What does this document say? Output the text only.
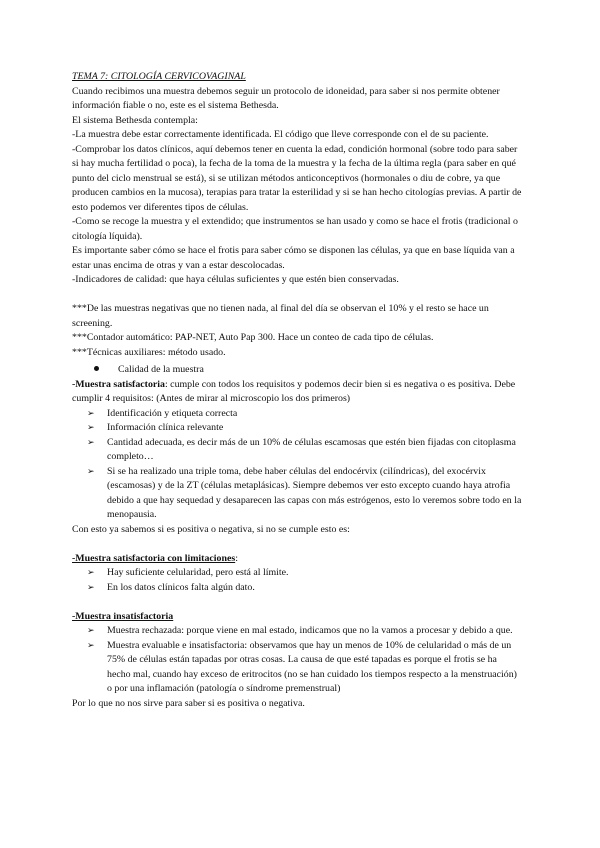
TEMA 7: CITOLOGÍA CERVICOVAGINAL

Cuando recibimos una muestra debemos seguir un protocolo de idoneidad, para saber si nos permite obtener información fiable o no, este es el sistema Bethesda.

El sistema Bethesda contempla:

-La muestra debe estar correctamente identificada. El código que lleve corresponde con el de su paciente.

-Comprobar los datos clínicos, aquí debemos tener en cuenta la edad, condición hormonal (sobre todo para saber si hay mucha fertilidad o poca), la fecha de la toma de la muestra y la fecha de la última regla (para saber en qué punto del ciclo menstrual se está), si se utilizan métodos anticonceptivos (hormonales o diu de cobre, ya que producen cambios en la mucosa), terapias para tratar la esterilidad y si se han hecho citologías previas. A partir de esto podemos ver diferentes tipos de células.

-Como se recoge la muestra y el extendido; que instrumentos se han usado y como se hace el frotis (tradicional o citología líquida).

Es importante saber cómo se hace el frotis para saber cómo se disponen las células, ya que en base líquida van a estar unas encima de otras y van a estar descolocadas.

-Indicadores de calidad: que haya células suficientes y que estén bien conservadas.

***De las muestras negativas que no tienen nada, al final del día se observan el 10% y el resto se hace un screening.

***Contador automático: PAP-NET, Auto Pap 300. Hace un conteo de cada tipo de células.

***Técnicas auxiliares: método usado.

Calidad de la muestra

-Muestra satisfactoria: cumple con todos los requisitos y podemos decir bien si es negativa o es positiva. Debe cumplir 4 requisitos: (Antes de mirar al microscopio los dos primeros)

➢	Identificación y etiqueta correcta
➢	Información clínica relevante
➢	Cantidad adecuada, es decir más de un 10% de células escamosas que estén bien fijadas con citoplasma completo…
➢	Si se ha realizado una triple toma, debe haber células del endocérvix (cilíndricas), del exocérvix (escamosas) y de la ZT (células metaplásicas). Siempre debemos ver esto excepto cuando haya atrofia debido a que hay sequedad y desaparecen las capas con más estrógenos, esto lo veremos sobre todo en la menopausia.

Con esto ya sabemos si es positiva o negativa, si no se cumple esto es:

-Muestra satisfactoria con limitaciones:

➢	Hay suficiente celularidad, pero está al límite.
➢	En los datos clínicos falta algún dato.

-Muestra insatisfactoria

➢	Muestra rechazada: porque viene en mal estado, indicamos que no la vamos a procesar y debido a que.
➢	Muestra evaluable e insatisfactoria: observamos que hay un menos de 10% de celularidad o más de un 75% de células están tapadas por otras cosas. La causa de que esté tapadas es porque el frotis se ha hecho mal, cuando hay exceso de eritrocitos (no se han cuidado los tiempos respecto a la menstruación) o por una inflamación (patología o síndrome premenstrual)

Por lo que no nos sirve para saber si es positiva o negativa.
